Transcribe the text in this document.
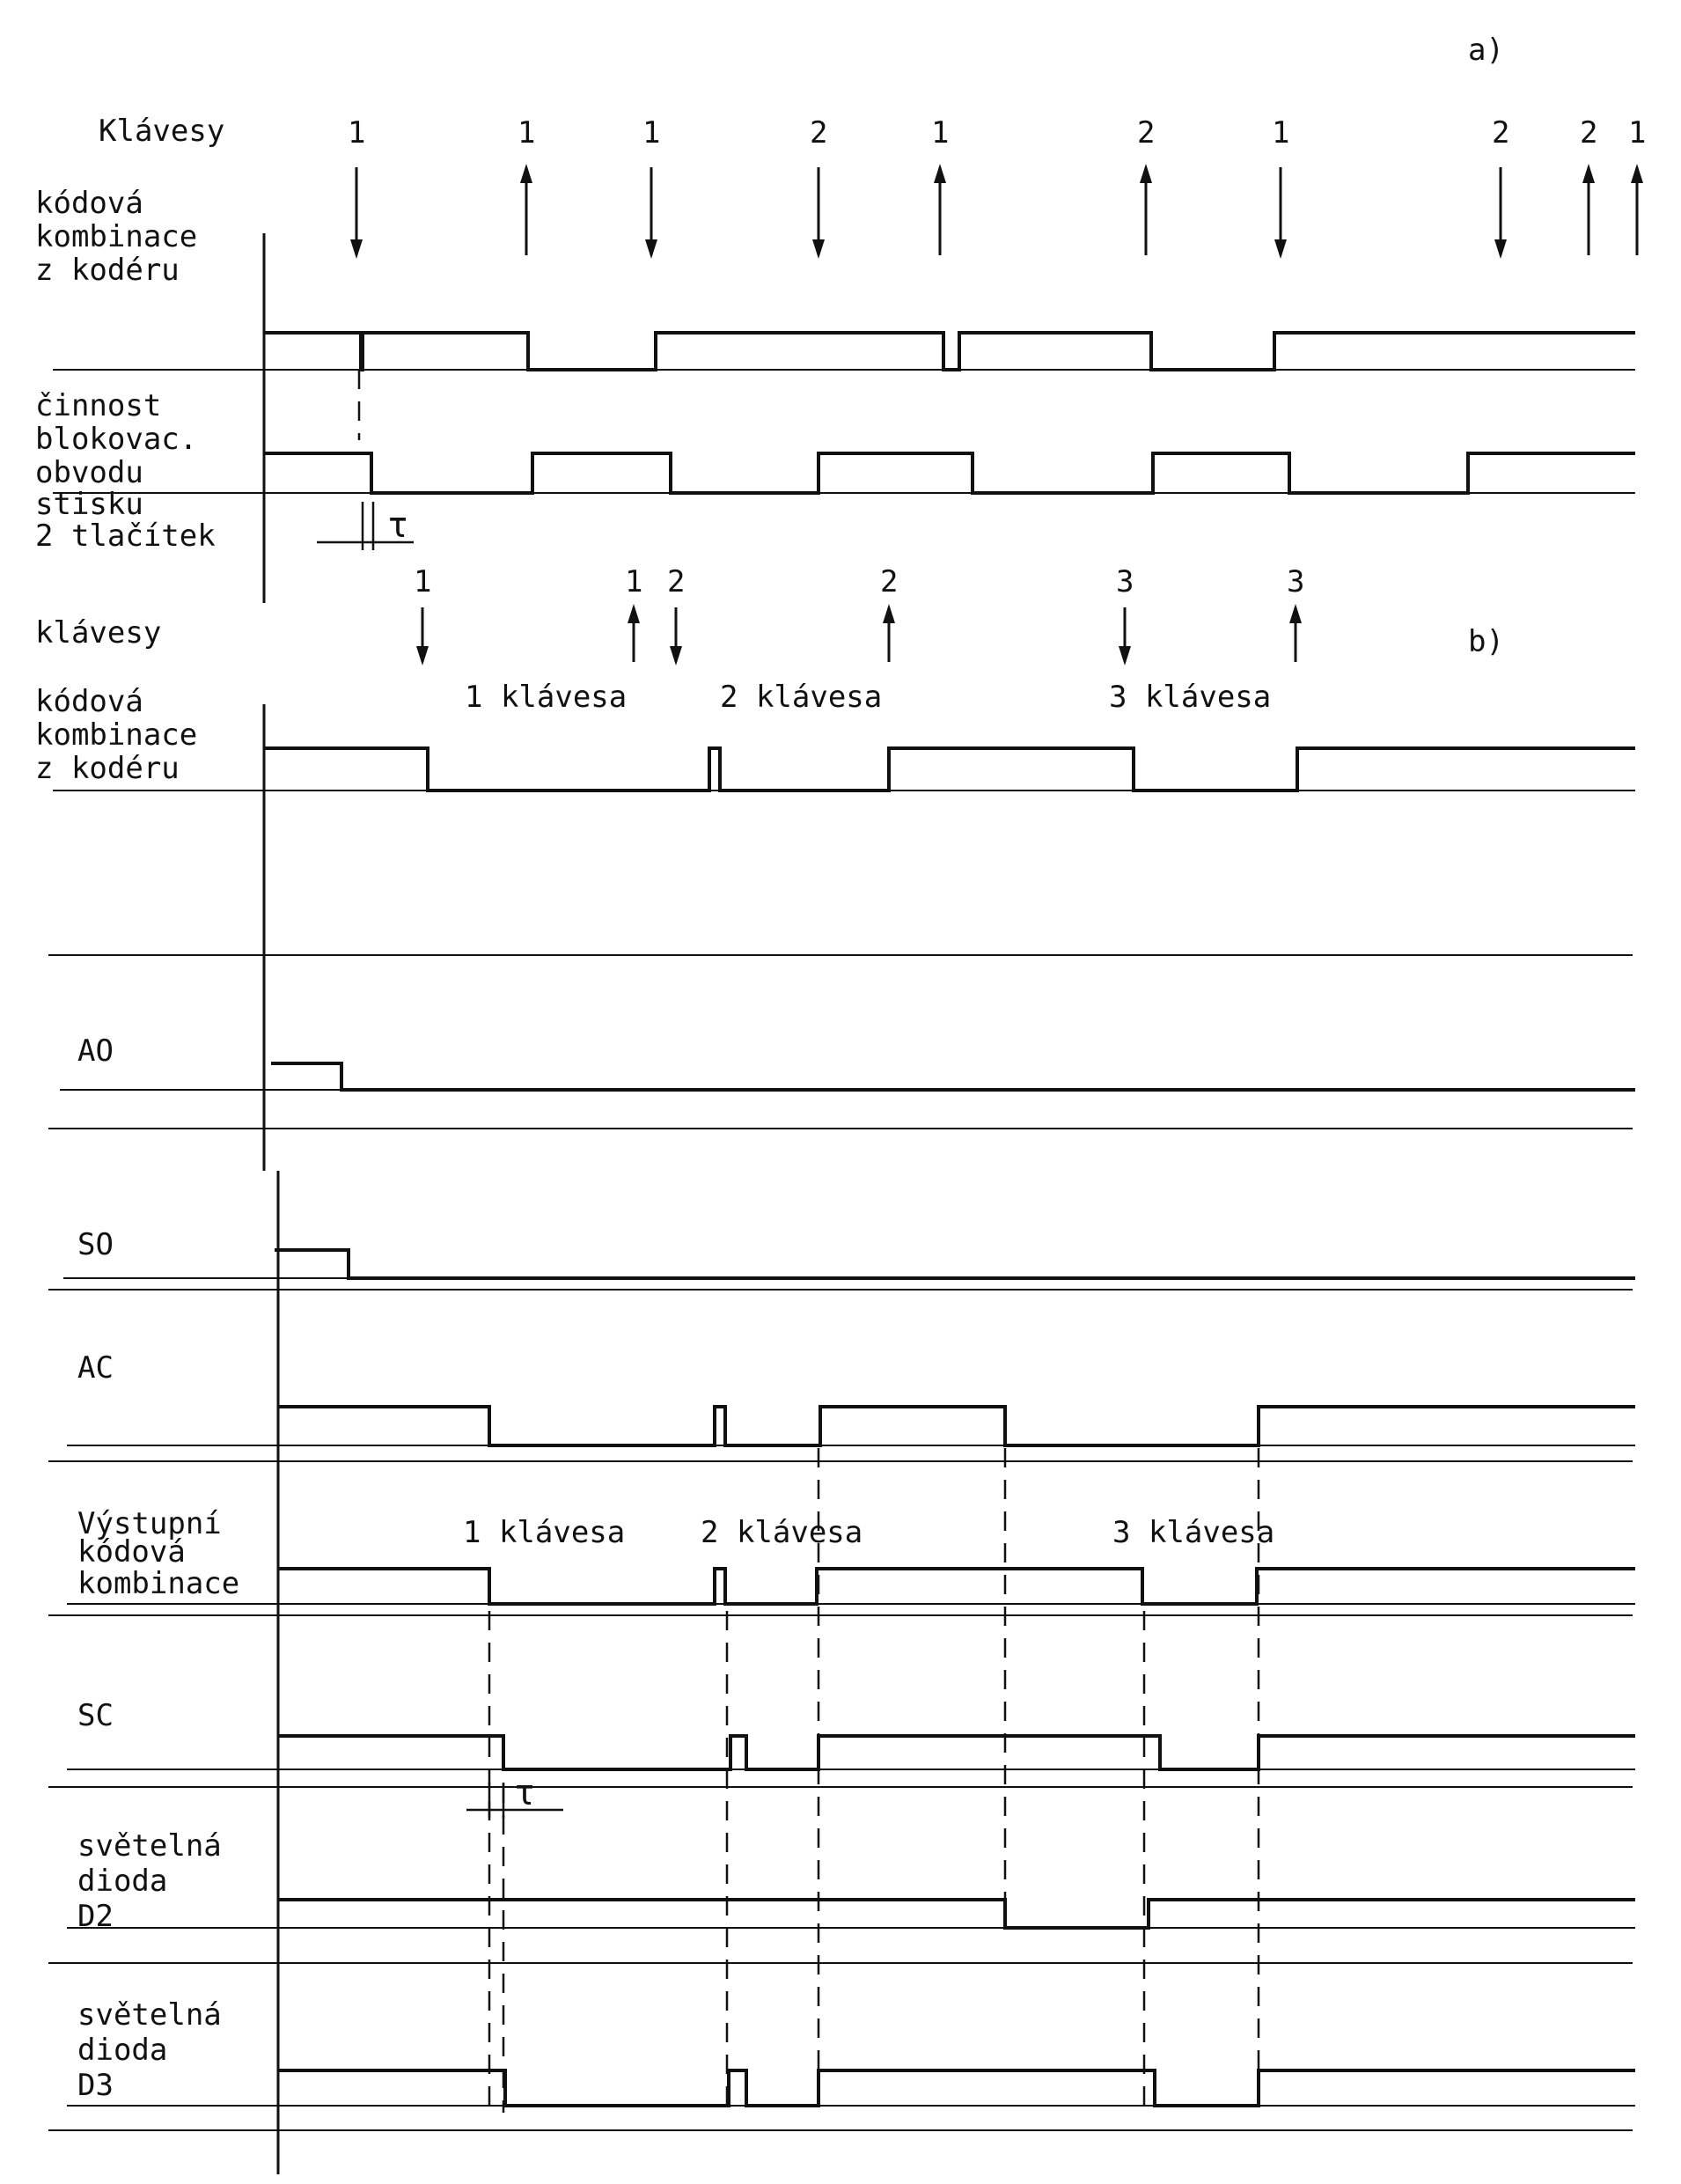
a)
b)
Klávesy
klávesy
kódová kombinace z kodéru
činnost blokovac. obvodu stisku 2 tlačítek
kódová kombinace z kodéru
AO
SO
AC
Výstupní kódová kombinace
SC
světelná dioda D2
světelná dioda D3
1 klávesa	2 klávesa	3 klávesa
1 klávesa	2 klávesa	3 klávesa
τ
τ
1	1	1	2	1	2	1	2 2 1
1	1 2	2	3	3
